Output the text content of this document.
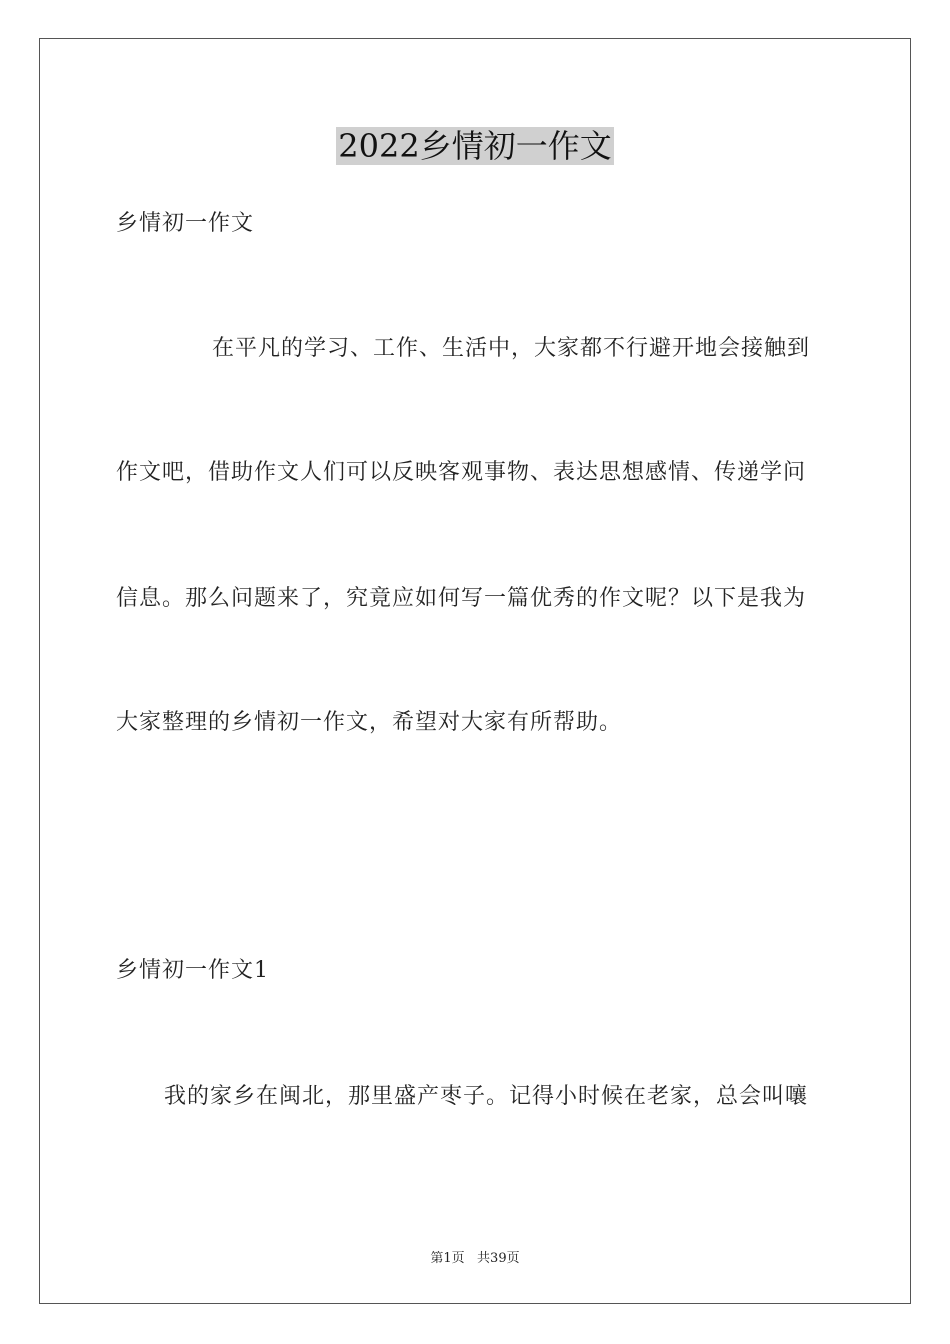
2022乡情初一作文
乡情初一作文
在平凡的学习、工作、生活中，大家都不行避开地会接触到
作文吧，借助作文人们可以反映客观事物、表达思想感情、传递学问
信息。那么问题来了，究竟应如何写一篇优秀的作文呢？以下是我为
大家整理的乡情初一作文，希望对大家有所帮助。
乡情初一作文1
我的家乡在闽北，那里盛产枣子。记得小时候在老家，总会叫嚷
第1页   共39页
